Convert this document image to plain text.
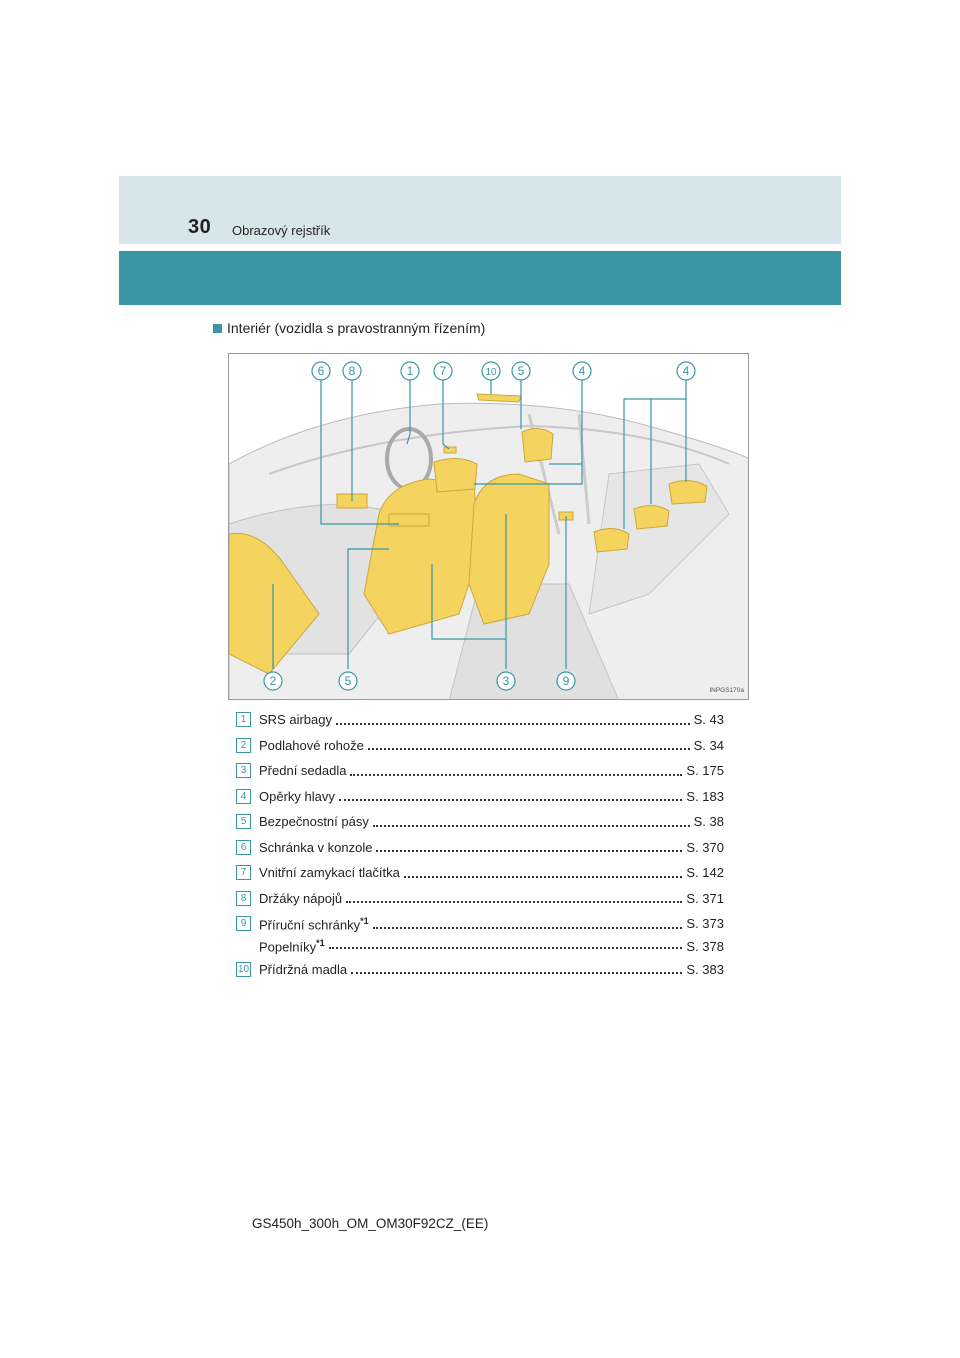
30 Obrazový rejstřík
Interiér (vozidla s pravostranným řízením)
6 8	1 7	10 5	4	4
2	5	3	9
INPGS170a
1 SRS airbagy	S. 43
2 Podlahové rohože	S. 34
3 Přední sedadla	S. 175
4 Opěrky hlavy	S. 183
5 Bezpečnostní pásy	S. 38
6 Schránka v konzole	S. 370
7 Vnitřní zamykací tlačítka	S. 142
8 Držáky nápojů	S. 371
9 Příruční schránky$^{*1}$	S. 373
Popelníky$^{*1}$	S. 378
10 Přídržná madla	S. 383
GS450h_300h_OM_OM30F92CZ_(EE)
